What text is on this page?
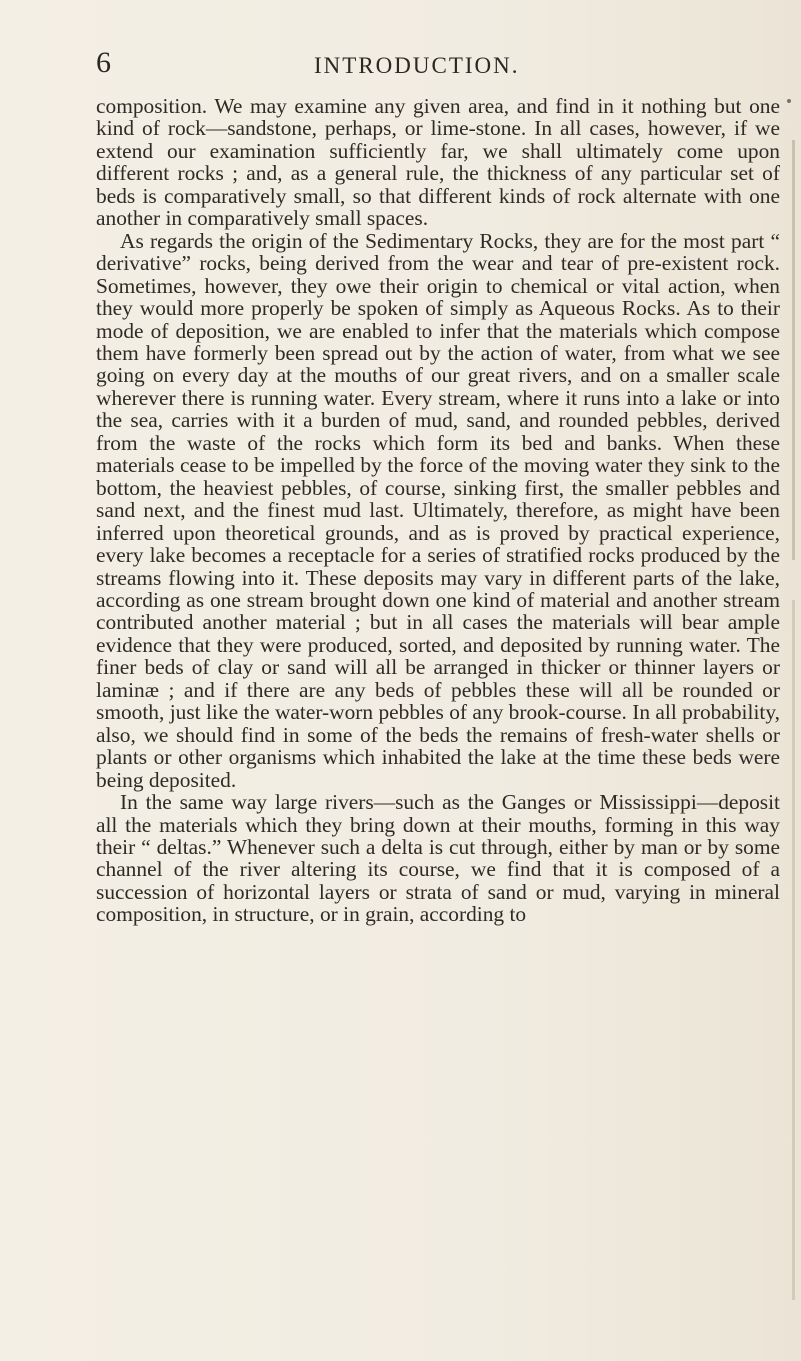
6	INTRODUCTION.

composition. We may examine any given area, and find in it nothing but one kind of rock—sandstone, perhaps, or lime-stone. In all cases, however, if we extend our examination sufficiently far, we shall ultimately come upon different rocks ; and, as a general rule, the thickness of any particular set of beds is comparatively small, so that different kinds of rock alternate with one another in comparatively small spaces.

As regards the origin of the Sedimentary Rocks, they are for the most part “ derivative” rocks, being derived from the wear and tear of pre-existent rock. Sometimes, however, they owe their origin to chemical or vital action, when they would more properly be spoken of simply as Aqueous Rocks. As to their mode of deposition, we are enabled to infer that the materials which compose them have formerly been spread out by the action of water, from what we see going on every day at the mouths of our great rivers, and on a smaller scale wherever there is running water. Every stream, where it runs into a lake or into the sea, carries with it a burden of mud, sand, and rounded pebbles, derived from the waste of the rocks which form its bed and banks. When these materials cease to be impelled by the force of the moving water they sink to the bottom, the heaviest pebbles, of course, sinking first, the smaller pebbles and sand next, and the finest mud last. Ultimately, therefore, as might have been inferred upon theoretical grounds, and as is proved by practical experience, every lake becomes a receptacle for a series of stratified rocks produced by the streams flowing into it. These deposits may vary in different parts of the lake, according as one stream brought down one kind of material and another stream contributed another material ; but in all cases the materials will bear ample evidence that they were produced, sorted, and deposited by running water. The finer beds of clay or sand will all be arranged in thicker or thinner layers or laminæ ; and if there are any beds of pebbles these will all be rounded or smooth, just like the water-worn pebbles of any brook-course. In all probability, also, we should find in some of the beds the remains of fresh-water shells or plants or other organisms which inhabited the lake at the time these beds were being deposited.

In the same way large rivers—such as the Ganges or Mississippi—deposit all the materials which they bring down at their mouths, forming in this way their “ deltas.” Whenever such a delta is cut through, either by man or by some channel of the river altering its course, we find that it is composed of a succession of horizontal layers or strata of sand or mud, varying in mineral composition, in structure, or in grain, according to
